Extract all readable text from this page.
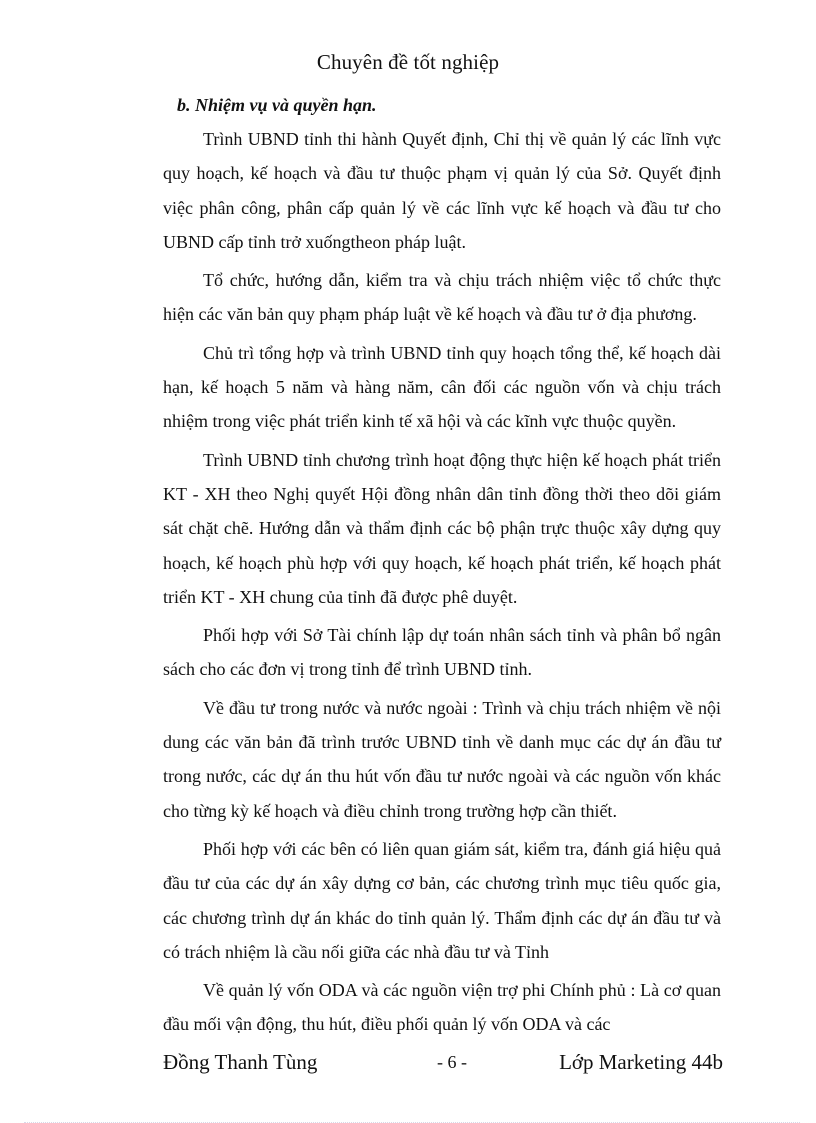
Chuyên đề tốt nghiệp
b. Nhiệm vụ và quyền hạn.

Trình UBND tỉnh thi hành Quyết định, Chỉ thị về quản lý các lĩnh vực quy hoạch, kế hoạch và đầu tư thuộc phạm vị quản lý của Sở. Quyết định việc phân công, phân cấp quản lý về các lĩnh vực kế hoạch và đầu tư cho UBND cấp tỉnh trở xuốngtheon pháp luật.

Tổ chức, hướng dẫn, kiểm tra và chịu trách nhiệm việc tổ chức thực hiện các văn bản quy phạm pháp luật về kế hoạch và đầu tư ở địa phương.

Chủ trì tổng hợp và trình UBND tỉnh quy hoạch tổng thể, kế hoạch dài hạn, kế hoạch 5 năm và hàng năm, cân đối các nguồn vốn và chịu trách nhiệm trong việc phát triển kinh tế xã hội và các kĩnh vực thuộc quyền.

Trình UBND tỉnh chương trình hoạt động thực hiện kế hoạch phát triển KT - XH theo Nghị quyết Hội đồng nhân dân tỉnh đồng thời theo dõi giám sát chặt chẽ. Hướng dẫn và thẩm định các bộ phận trực thuộc xây dựng quy hoạch, kế hoạch phù hợp với quy hoạch, kế hoạch phát triển, kế hoạch phát triển KT - XH chung của tỉnh đã được phê duyệt.

Phối hợp với Sở Tài chính lập dự toán nhân sách tỉnh và phân bổ ngân sách cho các đơn vị trong tỉnh để trình UBND tỉnh.

Về đầu tư trong nước và nước ngoài : Trình và chịu trách nhiệm về nội dung các văn bản đã trình trước UBND tỉnh về danh mục các dự án đầu tư trong nước, các dự án thu hút vốn đầu tư nước ngoài và các nguồn vốn khác cho từng kỳ kế hoạch và điều chỉnh trong trường hợp cần thiết.

Phối hợp với các bên có liên quan giám sát, kiểm tra, đánh giá hiệu quả đầu tư của các dự án xây dựng cơ bản, các chương trình mục tiêu quốc gia, các chương trình dự án khác do tỉnh quản lý. Thẩm định các dự án đầu tư và có trách nhiệm là cầu nối giữa các nhà đầu tư và Tỉnh

Về quản lý vốn ODA và các nguồn viện trợ phi Chính phủ : Là cơ quan đầu mối vận động, thu hút, điều phối quản lý vốn ODA và các

Đồng Thanh Tùng	- 6 -	Lớp Marketing 44b
